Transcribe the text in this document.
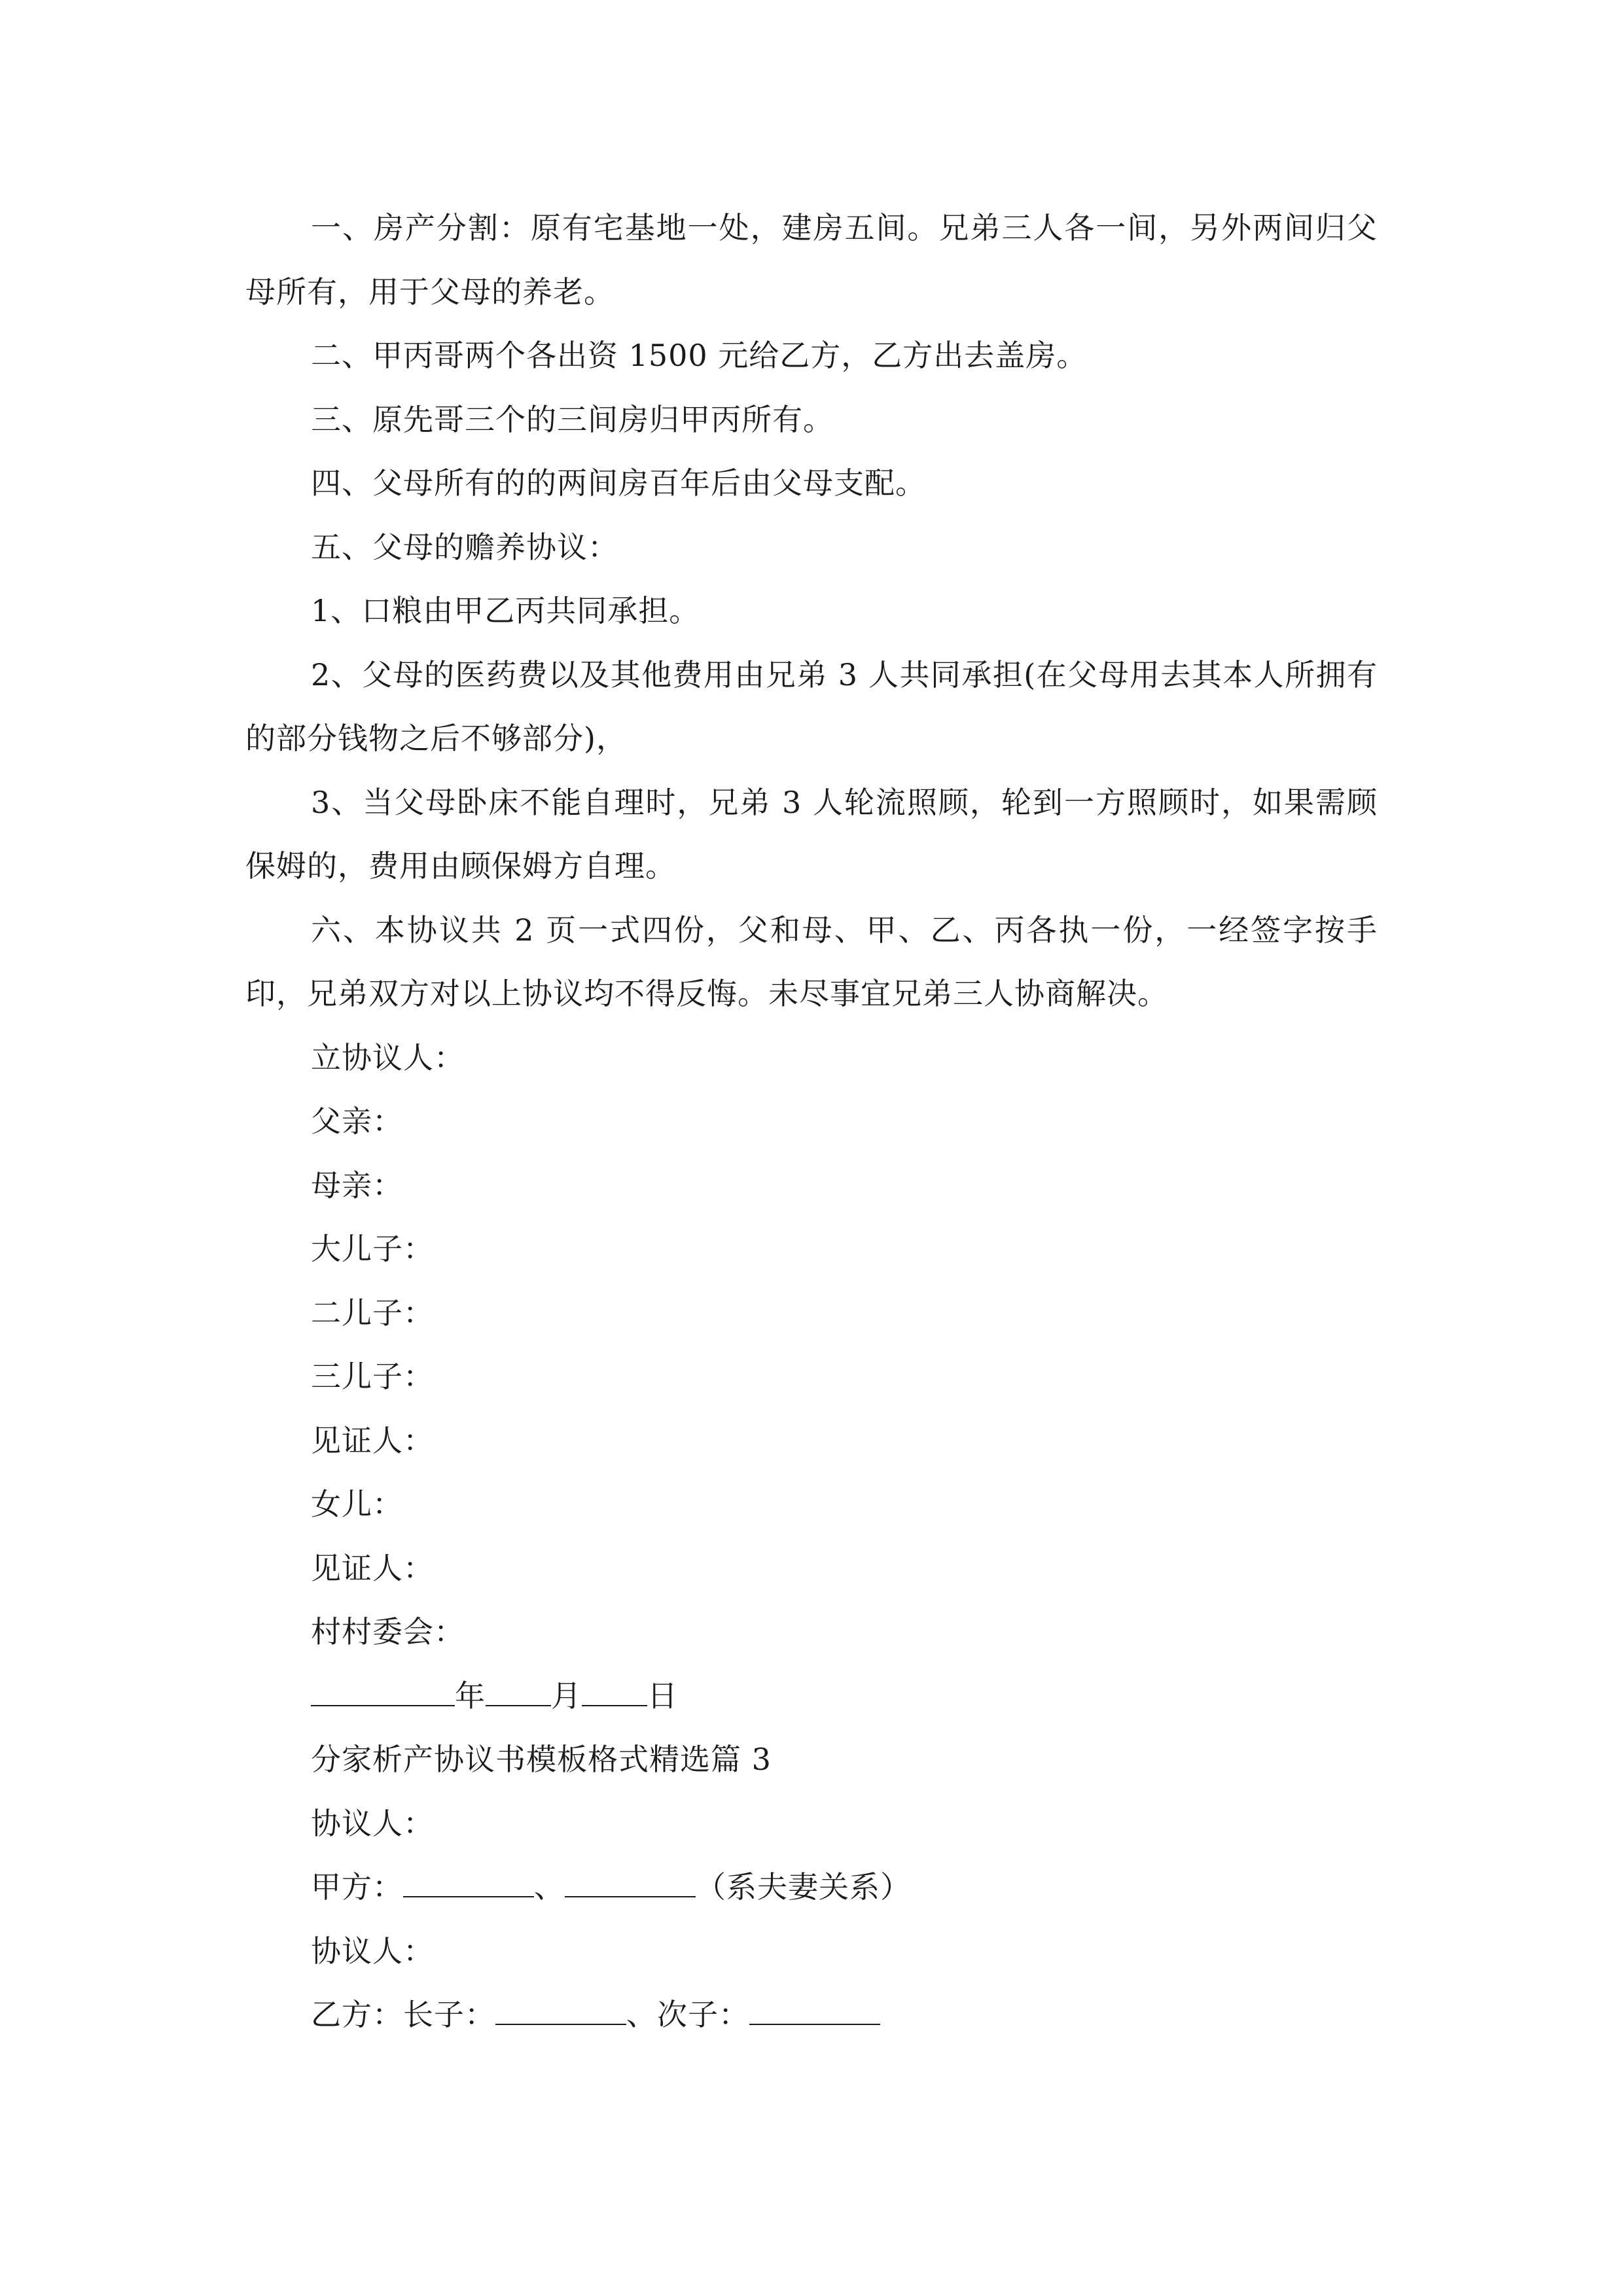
一、房产分割：原有宅基地一处，建房五间。兄弟三人各一间，另外两间归父母所有，用于父母的养老。

二、甲丙哥两个各出资 1500 元给乙方，乙方出去盖房。

三、原先哥三个的三间房归甲丙所有。

四、父母所有的的两间房百年后由父母支配。

五、父母的赡养协议：

1、口粮由甲乙丙共同承担。

2、父母的医药费以及其他费用由兄弟 3 人共同承担(在父母用去其本人所拥有的部分钱物之后不够部分)，

3、当父母卧床不能自理时，兄弟 3 人轮流照顾，轮到一方照顾时，如果需顾保姆的，费用由顾保姆方自理。

六、本协议共 2 页一式四份，父和母、甲、乙、丙各执一份，一经签字按手印，兄弟双方对以上协议均不得反悔。未尽事宜兄弟三人协商解决。

立协议人：

父亲：

母亲：

大儿子：

二儿子：

三儿子：

见证人：

女儿：

见证人：

村村委会：

年 月 日

分家析产协议书模板格式精选篇 3

协议人：

甲方：	、	（系夫妻关系）

协议人：

乙方：长子：	、次子：
